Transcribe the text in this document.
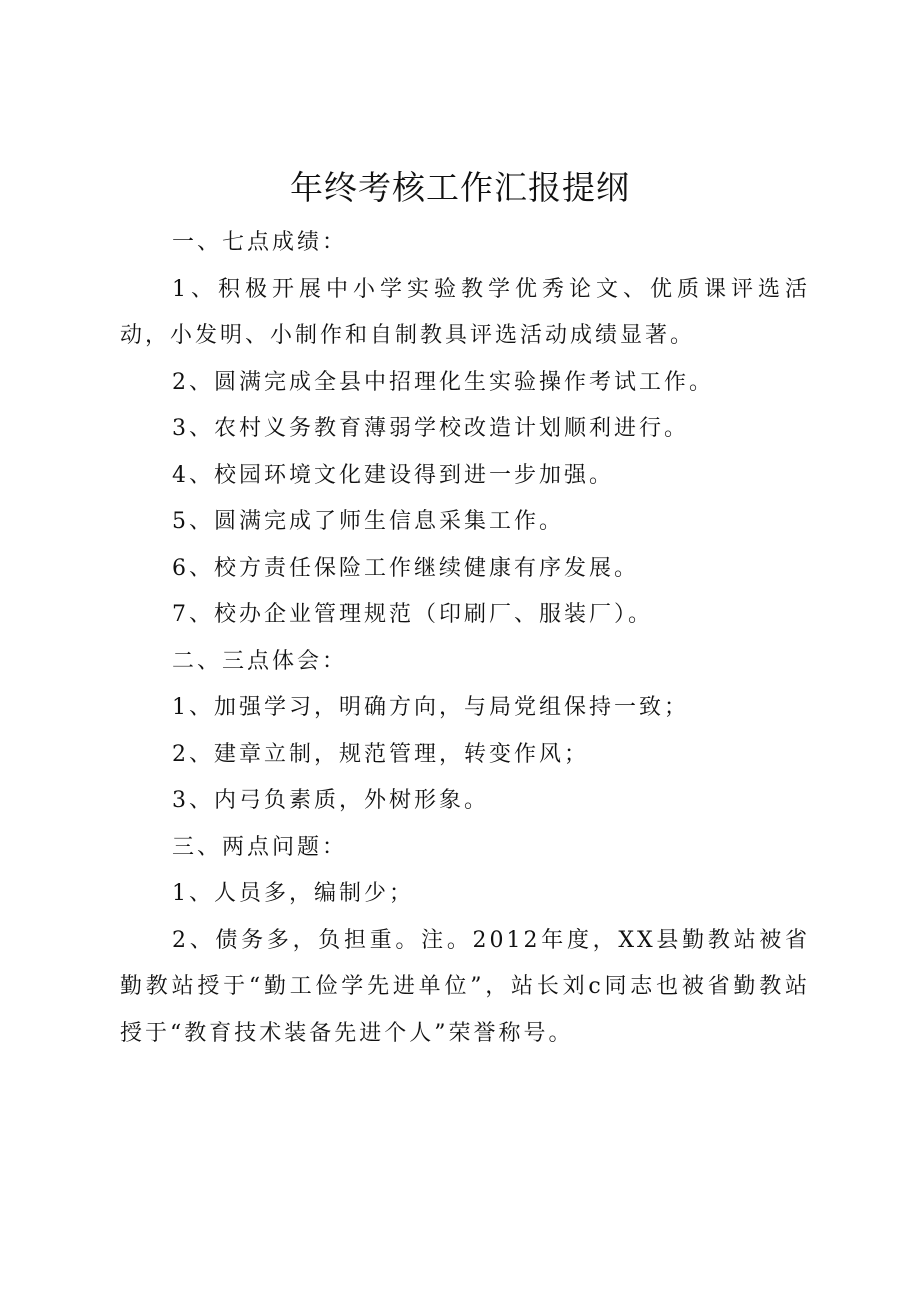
年终考核工作汇报提纲

一、七点成绩：

1、积极开展中小学实验教学优秀论文、优质课评选活动，小发明、小制作和自制教具评选活动成绩显著。

2、圆满完成全县中招理化生实验操作考试工作。

3、农村义务教育薄弱学校改造计划顺利进行。

4、校园环境文化建设得到进一步加强。

5、圆满完成了师生信息采集工作。

6、校方责任保险工作继续健康有序发展。

7、校办企业管理规范（印刷厂、服装厂）。

二、三点体会：

1、加强学习，明确方向，与局党组保持一致；

2、建章立制，规范管理，转变作风；

3、内弓负素质，外树形象。

三、两点问题：

1、人员多，编制少；

2、债务多，负担重。注。2012年度，XX县勤教站被省勤教站授于“勤工俭学先进单位”，站长刘c同志也被省勤教站授于“教育技术装备先进个人”荣誉称号。
